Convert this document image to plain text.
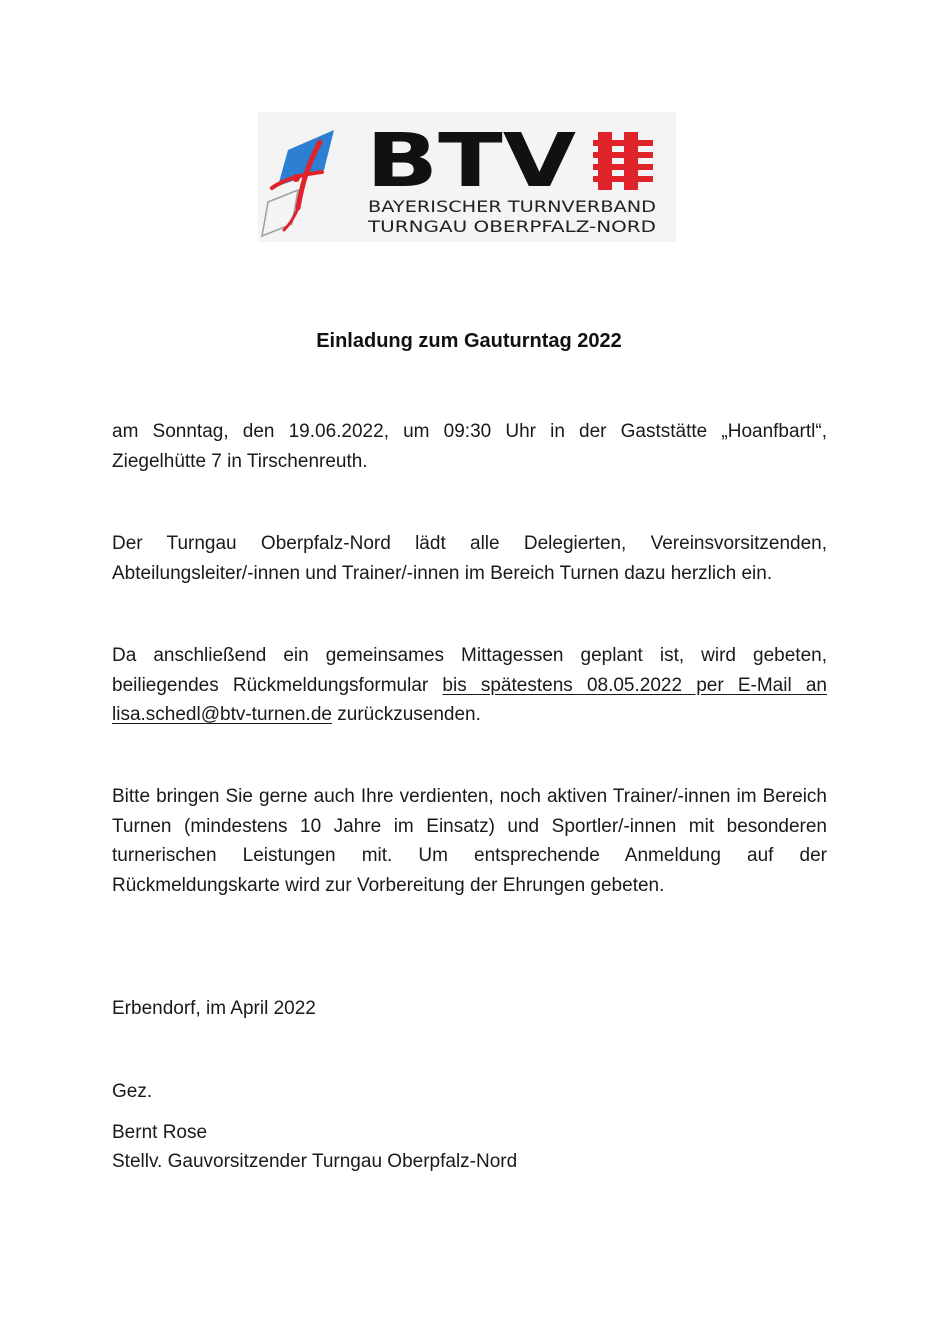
BTV
BAYERISCHER TURNVERBAND
TURNGAU OBERPFALZ-NORD
Einladung zum Gauturntag 2022
am Sonntag, den 19.06.2022, um 09:30 Uhr in der Gaststätte „Hoanfbartl“, Ziegelhütte 7 in Tirschenreuth.
Der Turngau Oberpfalz-Nord lädt alle Delegierten, Vereinsvorsitzenden, Abteilungsleiter/-innen und Trainer/-innen im Bereich Turnen dazu herzlich ein.
Da anschließend ein gemeinsames Mittagessen geplant ist, wird gebeten, beiliegendes Rückmeldungsformular bis spätestens 08.05.2022 per E-Mail an lisa.schedl@btv-turnen.de zurückzusenden.
Bitte bringen Sie gerne auch Ihre verdienten, noch aktiven Trainer/-innen im Bereich Turnen (mindestens 10 Jahre im Einsatz) und Sportler/-innen mit besonderen turnerischen Leistungen mit. Um entsprechende Anmeldung auf der Rückmeldungskarte wird zur Vorbereitung der Ehrungen gebeten.
Erbendorf, im April 2022
Gez.
Bernt Rose
Stellv. Gauvorsitzender Turngau Oberpfalz-Nord
